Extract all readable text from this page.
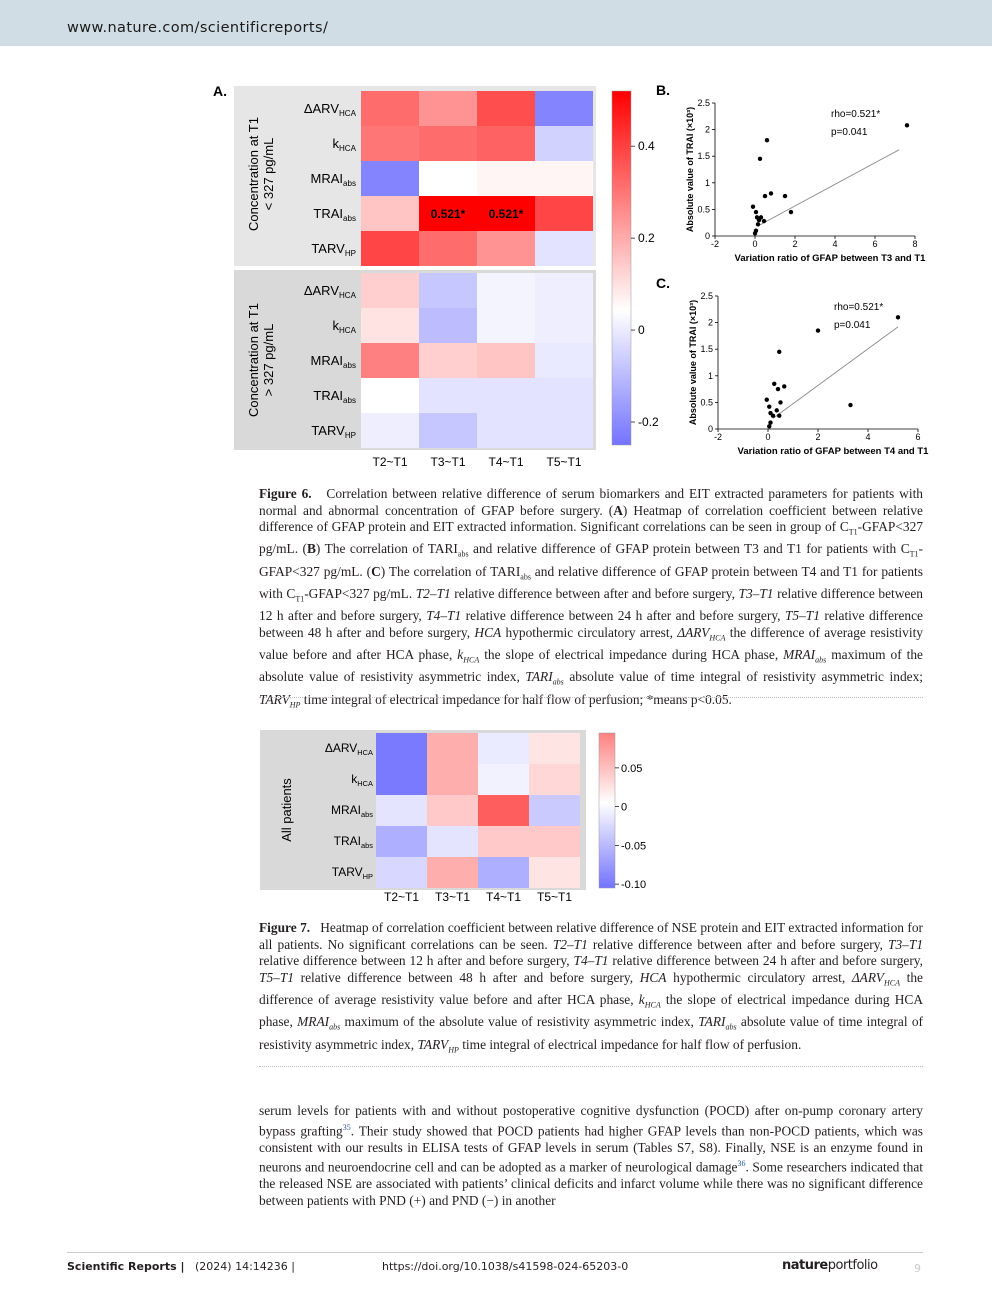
www.nature.com/scientificreports/
A.
Concentration at T1 < 327 pg/mL
Concentration at T1 > 327 pg/mL
$\Delta ARV_{HCA}$
$k_{HCA}$
$MRAI_{abs}$
$TRAI_{abs}$
$TARV_{HP}$
$\Delta ARV_{HCA}$
$k_{HCA}$
$MRAI_{abs}$
$TRAI_{abs}$
$TARV_{HP}$
0.521* 0.521*
T2~T1 T3~T1 T4~T1 T5~T1
0.4
0.2
0
-0.2
B.
0
0.5
1
1.5
2
2.5
-2	0	2	4	6	8
Variation ratio of GFAP between T3 and T1
Absolute value of TRAI (×10³)	rho=0.521*
p=0.041
C.
0
0.5
1
1.5
2
2.5
-2	0	2	4	6
Variation ratio of GFAP between T4 and T1
Absolute value of TRAI (×10³)	rho=0.521*
p=0.041
Figure 6.   Correlation between relative difference of serum biomarkers and EIT extracted parameters for patients with normal and abnormal concentration of GFAP before surgery. (A) Heatmap of correlation coefficient between relative difference of GFAP protein and EIT extracted information. Significant correlations can be seen in group of $C_{T1}-GFAP<327$ pg/mL. (B) The correlation of $TARI_{abs}$ and relative difference of GFAP protein between T3 and T1 for patients with $C_{T1}-GFAP<327$ pg/mL. (C) The correlation of $TARI_{abs}$ and relative difference of GFAP protein between T4 and T1 for patients with $C_{T1}-GFAP<327$ pg/mL. T2–T1 relative difference between after and before surgery, T3–T1 relative difference between 12 h after and before surgery, T4–T1 relative difference between 24 h after and before surgery, T5–T1 relative difference between 48 h after and before surgery, HCA hypothermic circulatory arrest, $\Delta ARV_{HCA}$ the difference of average resistivity value before and after HCA phase, $k_{HCA}$ the slope of electrical impedance during HCA phase, $MRAI_{abs}$ maximum of the absolute value of resistivity asymmetric index, $TARI_{abs}$ absolute value of time integral of resistivity asymmetric index; $TARV_{HP}$ time integral of electrical impedance for half flow of perfusion; *means p<0.05.
All patients
$\Delta ARV_{HCA}$
$k_{HCA}$
$MRAI_{abs}$
$TRAI_{abs}$
$TARV_{HP}$
T2~T1 T3~T1 T4~T1 T5~T1
0.05
0
-0.05
-0.10
Figure 7.   Heatmap of correlation coefficient between relative difference of NSE protein and EIT extracted information for all patients. No significant correlations can be seen. T2–T1 relative difference between after and before surgery, T3–T1 relative difference between 12 h after and before surgery, T4–T1 relative difference between 24 h after and before surgery, T5–T1 relative difference between 48 h after and before surgery, HCA hypothermic circulatory arrest, $\Delta ARV_{HCA}$ the difference of average resistivity value before and after HCA phase, $k_{HCA}$ the slope of electrical impedance during HCA phase, $MRAI_{abs}$ maximum of the absolute value of resistivity asymmetric index, $TARI_{abs}$ absolute value of time integral of resistivity asymmetric index, $TARV_{HP}$ time integral of electrical impedance for half flow of perfusion.
serum levels for patients with and without postoperative cognitive dysfunction (POCD) after on-pump coronary artery bypass grafting$^{35}$. Their study showed that POCD patients had higher GFAP levels than non-POCD patients, which was consistent with our results in ELISA tests of GFAP levels in serum (Tables S7, S8). Finally, NSE is an enzyme found in neurons and neuroendocrine cell and can be adopted as a marker of neurological damage$^{36}$. Some researchers indicated that the released NSE are associated with patients’ clinical deficits and infarct volume while there was no significant difference between patients with PND (+) and PND (−) in another
Scientific Reports | (2024) 14:14236 |	https://doi.org/10.1038/s41598-024-65203-0	natureportfolio	9
